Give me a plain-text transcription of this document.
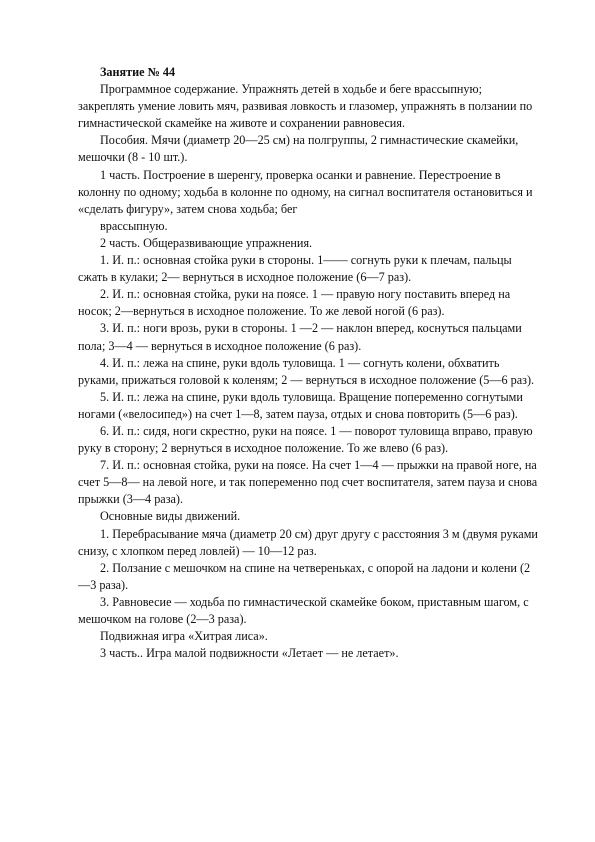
Занятие № 44

Программное содержание. Упражнять детей в ходьбе и беге врассыпную; закреплять умение ловить мяч, развивая ловкость и глазомер, упражнять в ползании по гимнастической скамейке на животе и сохранении равновесия.

Пособия. Мячи (диаметр 20—25 см) на полгруппы, 2 гимнастические скамейки, мешочки (8 - 10 шт.).

1 часть. Построение в шеренгу, проверка осанки и равнение. Перестроение в колонну по одному; ходьба в колонне по одному, на сигнал воспитателя остановиться и «сделать фигуру», затем снова ходьба; бег

врассыпную.

2 часть. Общеразвивающие упражнения.

1. И. п.: основная стойка руки в стороны. 1—— согнуть руки к плечам, пальцы сжать в кулаки; 2— вернуться в исходное положение (6—7 раз).

2. И. п.: основная стойка, руки на поясе. 1 — правую ногу поставить вперед на носок; 2—вернуться в исходное положение. То же левой ногой (6 раз).

3. И. п.: ноги врозь, руки в стороны. 1 —2 — наклон вперед, коснуться пальцами пола; 3—4 — вернуться в исходное положение (6 раз).

4. И. п.: лежа на спине, руки вдоль туловища. 1 — согнуть колени, обхватить руками, прижаться головой к коленям; 2 — вернуться в исходное положение (5—6 раз).

5. И. п.: лежа на спине, руки вдоль туловища. Вращение попеременно согнутыми ногами («велосипед») на счет 1—8, затем пауза, отдых и снова повторить (5—6 раз).

6. И. п.: сидя, ноги скрестно, руки на поясе. 1 — поворот туловища вправо, правую руку в сторону; 2 вернуться в исходное положение. То же влево (6 раз).

7. И. п.: основная стойка, руки на поясе. На счет 1—4 — прыжки на правой ноге, на счет 5—8— на левой ноге, и так попеременно под счет воспитателя, затем пауза и снова прыжки (3—4 раза).

Основные виды движений.

1. Перебрасывание мяча (диаметр 20 см) друг другу с расстояния 3 м (двумя руками снизу, с хлопком перед ловлей) — 10—12 раз.

2. Ползание с мешочком на спине на четвереньках, с опорой на ладони и колени (2—3 раза).

3. Равновесие — ходьба по гимнастической скамейке боком, приставным шагом, с мешочком на голове (2—3 раза).

Подвижная игра «Хитрая лиса».

3 часть.. Игра малой подвижности «Летает — не летает».
